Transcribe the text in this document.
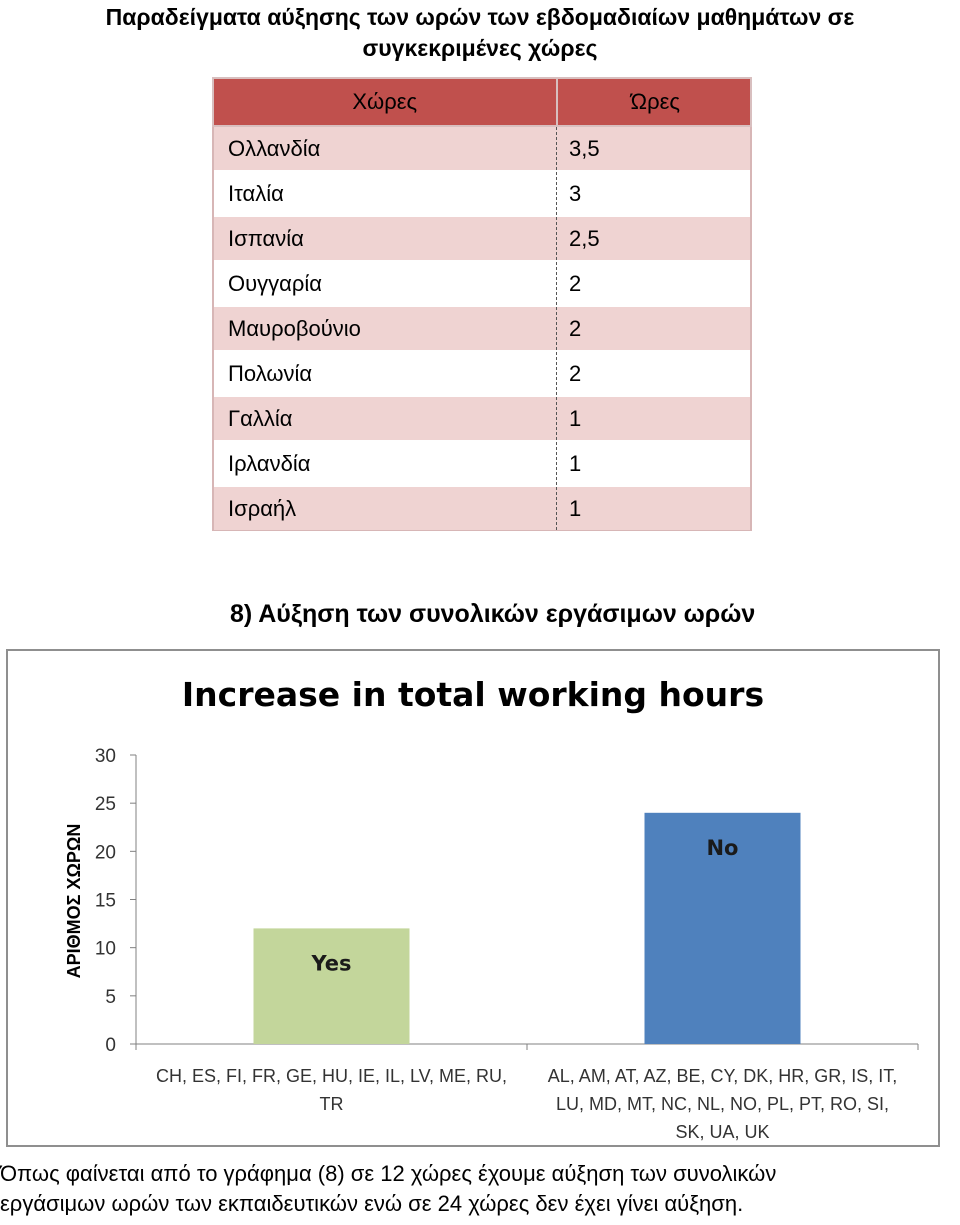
Παραδείγματα αύξησης των ωρών των εβδομαδιαίων μαθημάτων σε
συγκεκριμένες χώρες
Χώρες	Ώρες
Ολλανδία	3,5
Ιταλία	3
Ισπανία	2,5
Ουγγαρία	2
Μαυροβούνιο	2
Πολωνία	2
Γαλλία	1
Ιρλανδία	1
Ισραήλ	1
8) Αύξηση των συνολικών εργάσιμων ωρών
Increase in total working hours
ΑΡΙΘΜΟΣ ΧΩΡΩΝ
0
5
10
15
20
25
30
Yes
CH, ES, FI, FR, GE, HU, IE, IL, LV, ME, RU,
TR
No
AL, AM, AT, AZ, BE, CY, DK, HR, GR, IS, IT,
LU, MD, MT, NC, NL, NO, PL, PT, RO, SI,
SK, UA, UK

Όπως φαίνεται από το γράφημα (8) σε 12 χώρες έχουμε αύξηση των συνολικών

εργάσιμων ωρών των εκπαιδευτικών ενώ σε 24 χώρες δεν έχει γίνει αύξηση.
